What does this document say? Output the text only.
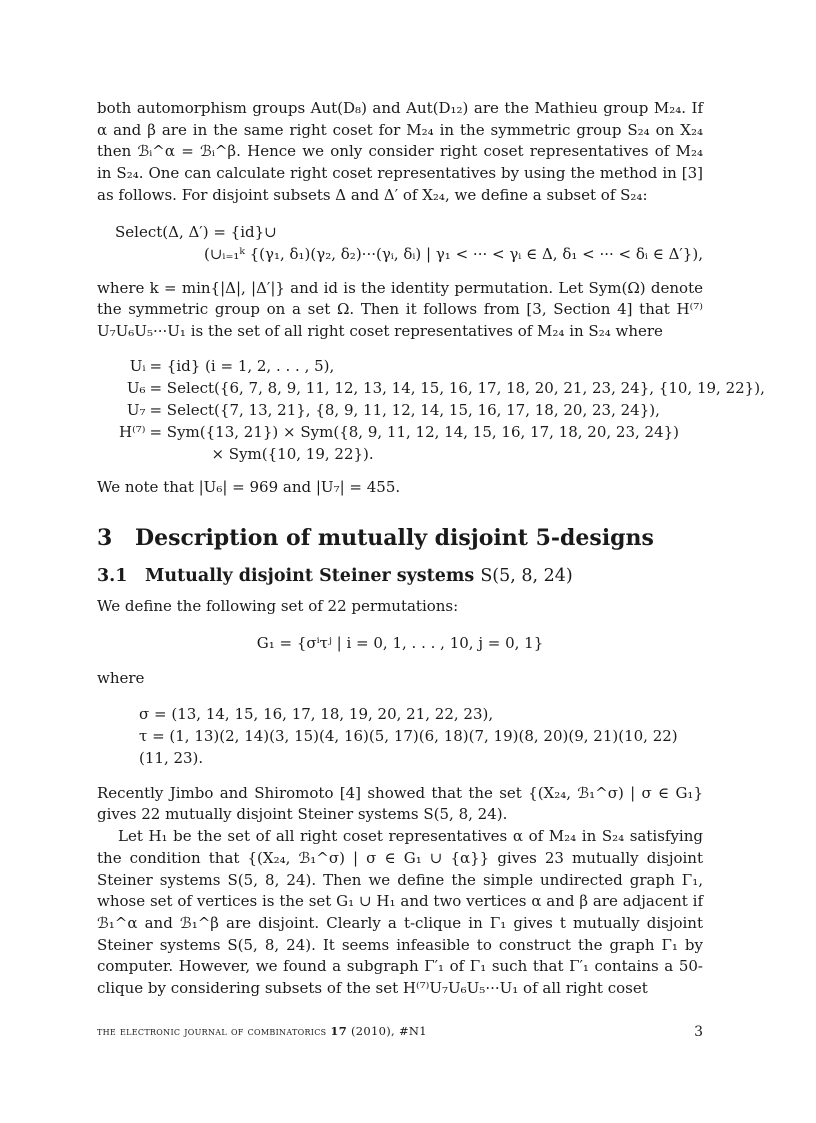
both automorphism groups Aut(D₈) and Aut(D₁₂) are the Mathieu group M₂₄. If α and β are in the same right coset for M₂₄ in the symmetric group S₂₄ on X₂₄ then ℬᵢ^α = ℬᵢ^β. Hence we only consider right coset representatives of M₂₄ in S₂₄. One can calculate right coset representatives by using the method in [3] as follows. For disjoint subsets Δ and Δ′ of X₂₄, we define a subset of S₂₄:

Select(Δ, Δ′) = {id}∪
(∪ᵢ₌₁ᵏ {(γ₁, δ₁)(γ₂, δ₂)···(γᵢ, δᵢ) | γ₁ < ··· < γᵢ ∈ Δ, δ₁ < ··· < δᵢ ∈ Δ′}),

where k = min{|Δ|, |Δ′|} and id is the identity permutation. Let Sym(Ω) denote the symmetric group on a set Ω. Then it follows from [3, Section 4] that H⁽⁷⁾U₇U₆U₅···U₁ is the set of all right coset representatives of M₂₄ in S₂₄ where

Uᵢ	= {id} (i = 1, 2, . . . , 5),
U₆	= Select({6, 7, 8, 9, 11, 12, 13, 14, 15, 16, 17, 18, 20, 21, 23, 24}, {10, 19, 22}),
U₇	= Select({7, 13, 21}, {8, 9, 11, 12, 14, 15, 16, 17, 18, 20, 23, 24}),
H⁽⁷⁾	= Sym({13, 21}) × Sym({8, 9, 11, 12, 14, 15, 16, 17, 18, 20, 23, 24})
	× Sym({10, 19, 22}).

We note that |U₆| = 969 and |U₇| = 455.

3 Description of mutually disjoint 5-designs
3.1 Mutually disjoint Steiner systems S(5, 8, 24)

We define the following set of 22 permutations:

G₁ = {σⁱτʲ | i = 0, 1, . . . , 10, j = 0, 1}

where

σ = (13, 14, 15, 16, 17, 18, 19, 20, 21, 22, 23),
τ = (1, 13)(2, 14)(3, 15)(4, 16)(5, 17)(6, 18)(7, 19)(8, 20)(9, 21)(10, 22)(11, 23).

Recently Jimbo and Shiromoto [4] showed that the set {(X₂₄, ℬ₁^σ) | σ ∈ G₁} gives 22 mutually disjoint Steiner systems S(5, 8, 24).

Let H₁ be the set of all right coset representatives α of M₂₄ in S₂₄ satisfying the condition that {(X₂₄, ℬ₁^σ) | σ ∈ G₁ ∪ {α}} gives 23 mutually disjoint Steiner systems S(5, 8, 24). Then we define the simple undirected graph Γ₁, whose set of vertices is the set G₁ ∪ H₁ and two vertices α and β are adjacent if ℬ₁^α and ℬ₁^β are disjoint. Clearly a t-clique in Γ₁ gives t mutually disjoint Steiner systems S(5, 8, 24). It seems infeasible to construct the graph Γ₁ by computer. However, we found a subgraph Γ′₁ of Γ₁ such that Γ′₁ contains a 50-clique by considering subsets of the set H⁽⁷⁾U₇U₆U₅···U₁ of all right coset

the electronic journal of combinatorics 17 (2010), #N1	3
